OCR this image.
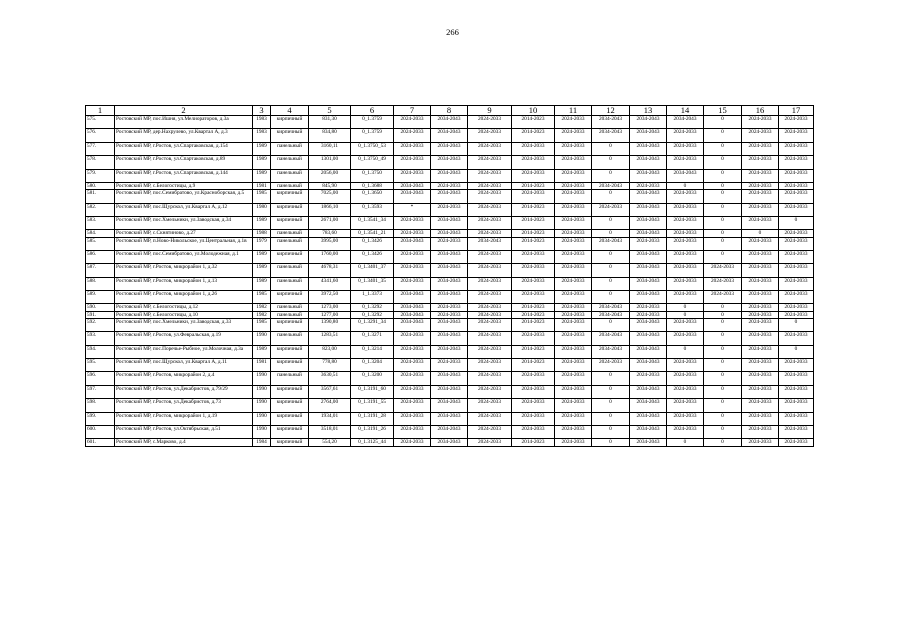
266
1	2	3	4	5	6	7	8	9	10	11	12	13	14	15	16	17
575.	Ростовский МР, пос.Ишня, ул.Мелиораторов, д.3а	1983	кирпичный	831,30	0_1.3759	2024-2033	2034-2043	2024-2033	2014-2023	2024-2033	2034-2043	2034-2043	2034-2043	0	2024-2033	2024-2033
576.	Ростовский МР, дер.Нахрулево, ул.Квартал А, д.3	1983	кирпичный	834,80	0_1.3759	2024-2033	2034-2043	2024-2033	2014-2023	2024-2033	2034-2043	2034-2043	2024-2033	0	2024-2033	2024-2033
577.	Ростовский МР, г.Ростов, ул.Спартаковская, д.154	1989	панельный	3160,11	0_1.3750_53	2024-2033	2034-2043	2024-2033	2024-2033	2024-2033	0	2034-2043	2024-2033	0	2024-2033	2024-2033
578.	Ростовский МР, г.Ростов, ул.Спартаковская, д.89	1989	панельный	1301,00	0_1.3750_49	2024-2033	2034-2043	2024-2033	2024-2033	2024-2033	0	2034-2043	2024-2033	0	2024-2033	2024-2033
579.	Ростовский МР, г.Ростов, ул.Спартаковская, д.144	1989	панельный	2056,00	0_1.3750	2024-2033	2034-2043	2024-2033	2024-2033	2024-2033	0	2034-2043	2034-2043	0	2024-2033	2024-2033
580.	Ростовский МР, с.Белогостицы, д.9	1981	панельный	845,90	0_1.3688	2034-2043	2024-2033	2024-2033	2014-2023	2024-2033	2034-2043	2024-2033	0	0	2024-2033	2024-2033
581.	Ростовский МР, пос.Семибратово, ул.Красноборская, д.5	1985	кирпичный	7025,00	0_1.3650	2034-2043	2034-2043	2024-2033	2024-2033	2024-2033	0	2034-2043	2024-2033	0	2024-2033	2024-2033
582.	Ростовский МР, пос.Щурскол, ул.Квартал А, д.12	1980	кирпичный	1866,10	0_1.3593	*	2024-2033	2024-2033	2014-2023	2024-2033	2024-2033	2034-2043	2024-2033	0	2024-2033	2024-2033
583.	Ростовский МР, пос.Хмельники, ул.Заводская, д.34	1989	кирпичный	2671,00	0_1.3541_34	2024-2033	2034-2043	2024-2033	2014-2023	2024-2033	0	2034-2043	2024-2033	0	2024-2033	0
584.	Ростовский МР, с.Скнятиново, д.27	1988	панельный	783,60	0_1.3541_21	2024-2033	2034-2043	2024-2033	2014-2023	2024-2033	0	2034-2043	2024-2033	0	0	2024-2033
585.	Ростовский МР, п.Ново-Никольское, ул.Центральная, д.1в	1979	панельный	3995,00	0_1.3426	2034-2043	2024-2033	2034-2043	2014-2023	2024-2033	2034-2043	2024-2033	2024-2033	0	2024-2033	2024-2033
586.	Ростовский МР, пос.Семибратово, ул.Молодежная, д.1	1989	кирпичный	1760,00	0_1.3426	2024-2033	2034-2043	2024-2033	2024-2033	2024-2033	0	2034-2043	2024-2033	0	2024-2033	2024-2033
587.	Ростовский МР, г.Ростов, микрорайон 1, д.32	1989	панельный	4678,31	0_1.3401_37	2024-2033	2034-2043	2024-2033	2024-2033	2024-2033	0	2034-2043	2024-2033	2024-2033	2024-2033	2024-2033
588.	Ростовский МР, г.Ростов, микрорайон 1, д.13	1989	панельный	4341,60	0_1.3401_35	2024-2033	2034-2043	2024-2033	2024-2033	2024-2033	0	2034-2043	2024-2033	2024-2033	2024-2033	2024-2033
589.	Ростовский МР, г.Ростов, микрорайон 1, д.26	1985	кирпичный	3972,50	1_1.3373	2034-2043	2034-2043	2024-2033	2024-2033	2024-2033	0	2034-2043	2024-2033	2024-2033	2024-2033	2024-2033
590.	Ростовский МР, с.Белогостицы, д.12	1982	панельный	1273,00	0_1.3292	2034-2043	2024-2033	2024-2033	2014-2023	2024-2033	2034-2043	2024-2033	0	0	2024-2033	2024-2033
591.	Ростовский МР, с.Белогостицы, д.10	1982	панельный	1277,00	0_1.3292	2034-2043	2024-2033	2024-2033	2014-2023	2024-2033	2034-2043	2024-2033	0	0	2024-2033	2024-2033
592.	Ростовский МР, пос.Хмельники, ул.Заводская, д.33	1985	кирпичный	1390,80	0_1.3291_34	2034-2043	2034-2043	2024-2033	2014-2023	2024-2033	0	2034-2043	2024-2033	0	2024-2033	0
593.	Ростовский МР, г.Ростов, ул.Февральская, д.19	1990	панельный	1283,51	0_1.3271	2024-2033	2034-2043	2024-2033	2024-2033	2024-2033	2034-2043	2034-2043	2024-2033	0	2024-2033	2024-2033
594.	Ростовский МР, пос.Поречье-Рыбное, ул.Молочная, д.3а	1989	кирпичный	823,00	0_1.3214	2024-2033	2034-2043	2024-2033	2014-2023	2024-2033	2034-2043	2034-2043	0	0	2024-2033	0
595.	Ростовский МР, пос.Щурскол, ул.Квартал А, д.11	1981	кирпичный	778,80	0_1.3204	2024-2033	2024-2033	2024-2033	2014-2023	2024-2033	2024-2033	2034-2043	2024-2033	0	2024-2033	2024-2033
596.	Ростовский МР, г.Ростов, микрорайон 2, д.4	1990	панельный	3630,51	0_1.3200	2024-2033	2034-2043	2024-2033	2024-2033	2024-2033	0	2024-2033	2024-2033	0	2024-2033	2024-2033
597.	Ростовский МР, г.Ростов, ул.Декабристов, д.79/29	1990	кирпичный	3567,61	0_1.3191_60	2024-2033	2034-2043	2024-2033	2024-2033	2024-2033	0	2034-2043	2024-2033	0	2024-2033	2024-2033
598.	Ростовский МР, г.Ростов, ул.Декабристов, д.73	1990	кирпичный	2764,00	0_1.3191_55	2024-2033	2034-2043	2024-2033	2024-2033	2024-2033	0	2034-2043	2024-2033	0	2024-2033	2024-2033
599.	Ростовский МР, г.Ростов, микрорайон 1, д.19	1990	кирпичный	1934,01	0_1.3191_28	2024-2033	2034-2043	2024-2033	2024-2033	2024-2033	0	2034-2043	2024-2033	0	2024-2033	2024-2033
600.	Ростовский МР, г.Ростов, ул.Октябрьская, д.51	1990	кирпичный	3518,01	0_1.3191_26	2024-2033	2034-2043	2024-2033	2024-2033	2024-2033	0	2034-2043	2024-2033	0	2024-2033	2024-2033
601.	Ростовский МР, с.Марково, д.4	1984	кирпичный	554,20	0_1.3125_44	2024-2033	2034-2043	2024-2033	2014-2023	2024-2033	0	2034-2043	0	0	2024-2033	2024-2033
